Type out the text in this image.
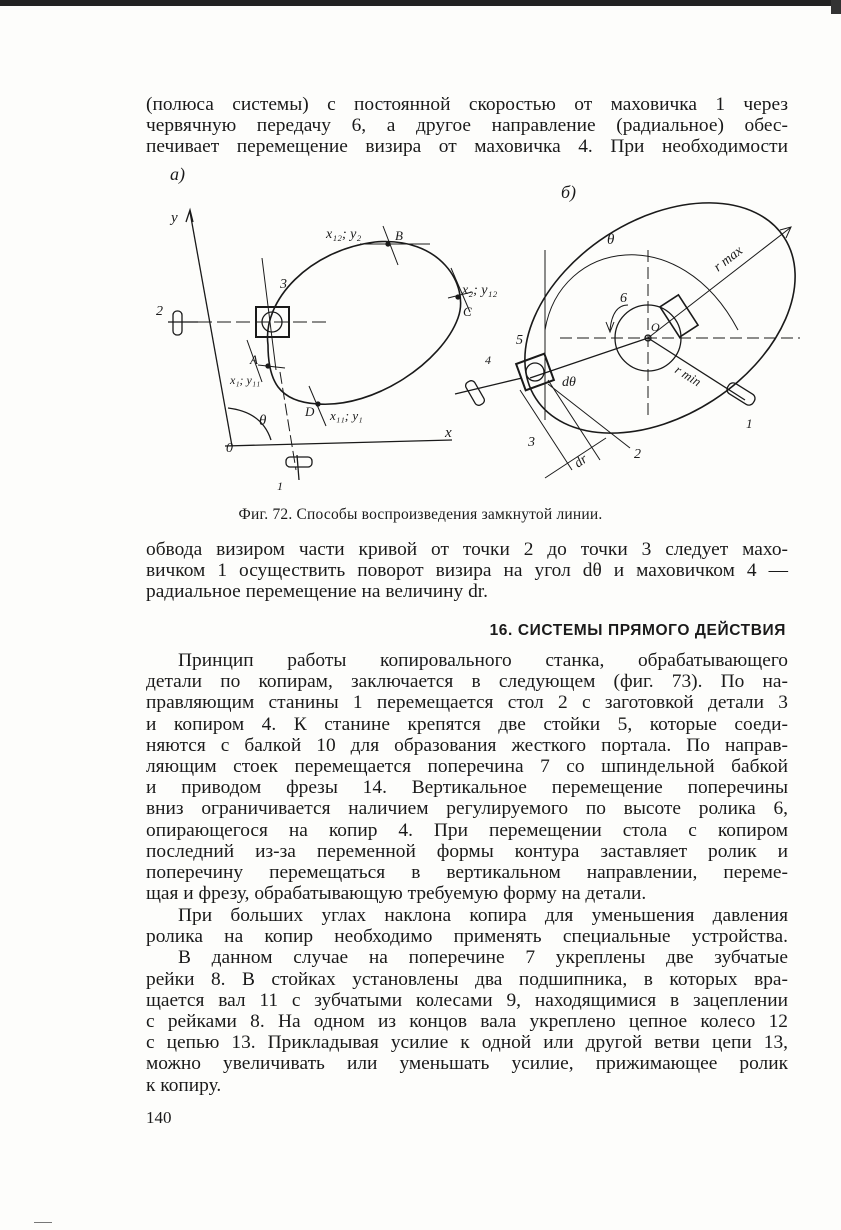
(полюса системы) с постоянной скоростью от маховичка 1 через
червячную передачу 6, а другое направление (радиальное) обес-
печивает перемещение визира от маховичка 4. При необходимости
а)
б)
y
x
0
θ
B
C
D
A
x₁₂; y₂
x₂; y₁₂
x₁; y₁₁
x₁₁; y₁
1
2
3
θ
r max
r min
O
dθ
dr
1
2
3
4
5
6
Фиг. 72. Способы воспроизведения замкнутой линии.
обвода визиром части кривой от точки 2 до точки 3 следует махо-
вичком 1 осуществить поворот визира на угол dθ и маховичком 4 —
радиальное перемещение на величину dr.
16. СИСТЕМЫ ПРЯМОГО ДЕЙСТВИЯ
Принцип работы копировального станка, обрабатывающего
детали по копирам, заключается в следующем (фиг. 73). По на-
правляющим станины 1 перемещается стол 2 с заготовкой детали 3
и копиром 4. К станине крепятся две стойки 5, которые соеди-
няются с балкой 10 для образования жесткого портала. По направ-
ляющим стоек перемещается поперечина 7 со шпиндельной бабкой
и приводом фрезы 14. Вертикальное перемещение поперечины
вниз ограничивается наличием регулируемого по высоте ролика 6,
опирающегося на копир 4. При перемещении стола с копиром
последний из-за переменной формы контура заставляет ролик и
поперечину перемещаться в вертикальном направлении, переме-
щая и фрезу, обрабатывающую требуемую форму на детали.
При больших углах наклона копира для уменьшения давления
ролика на копир необходимо применять специальные устройства.
В данном случае на поперечине 7 укреплены две зубчатые
рейки 8. В стойках установлены два подшипника, в которых вра-
щается вал 11 с зубчатыми колесами 9, находящимися в зацеплении
с рейками 8. На одном из концов вала укреплено цепное колесо 12
с цепью 13. Прикладывая усилие к одной или другой ветви цепи 13,
можно увеличивать или уменьшать усилие, прижимающее ролик
к копиру.
140
